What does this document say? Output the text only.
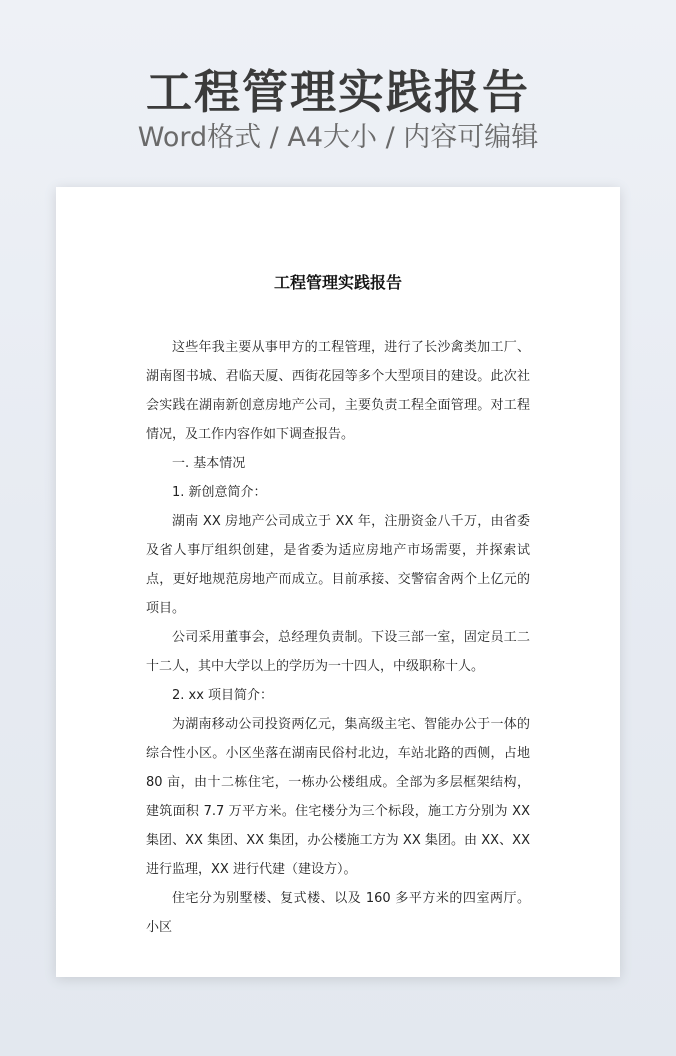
工程管理实践报告
Word格式 / A4大小 / 内容可编辑
工程管理实践报告

这些年我主要从事甲方的工程管理，进行了长沙禽类加工厂、湖南图书城、君临天厦、西街花园等多个大型项目的建设。此次社会实践在湖南新创意房地产公司，主要负责工程全面管理。对工程情况，及工作内容作如下调查报告。

一. 基本情况

1. 新创意简介：

湖南 XX 房地产公司成立于 XX 年，注册资金八千万，由省委及省人事厅组织创建，是省委为适应房地产市场需要，并探索试点，更好地规范房地产而成立。目前承接、交警宿舍两个上亿元的项目。

公司采用董事会，总经理负责制。下设三部一室，固定员工二十二人，其中大学以上的学历为一十四人，中级职称十人。

2. xx 项目简介：

为湖南移动公司投资两亿元，集高级主宅、智能办公于一体的综合性小区。小区坐落在湖南民俗村北边，车站北路的西侧，占地 80 亩，由十二栋住宅，一栋办公楼组成。全部为多层框架结构，建筑面积 7.7 万平方米。住宅楼分为三个标段，施工方分别为 XX 集团、XX 集团、XX 集团，办公楼施工方为 XX 集团。由 XX、XX 进行监理，XX 进行代建（建设方）。

住宅分为别墅楼、复式楼、以及 160 多平方米的四室两厅。小区
